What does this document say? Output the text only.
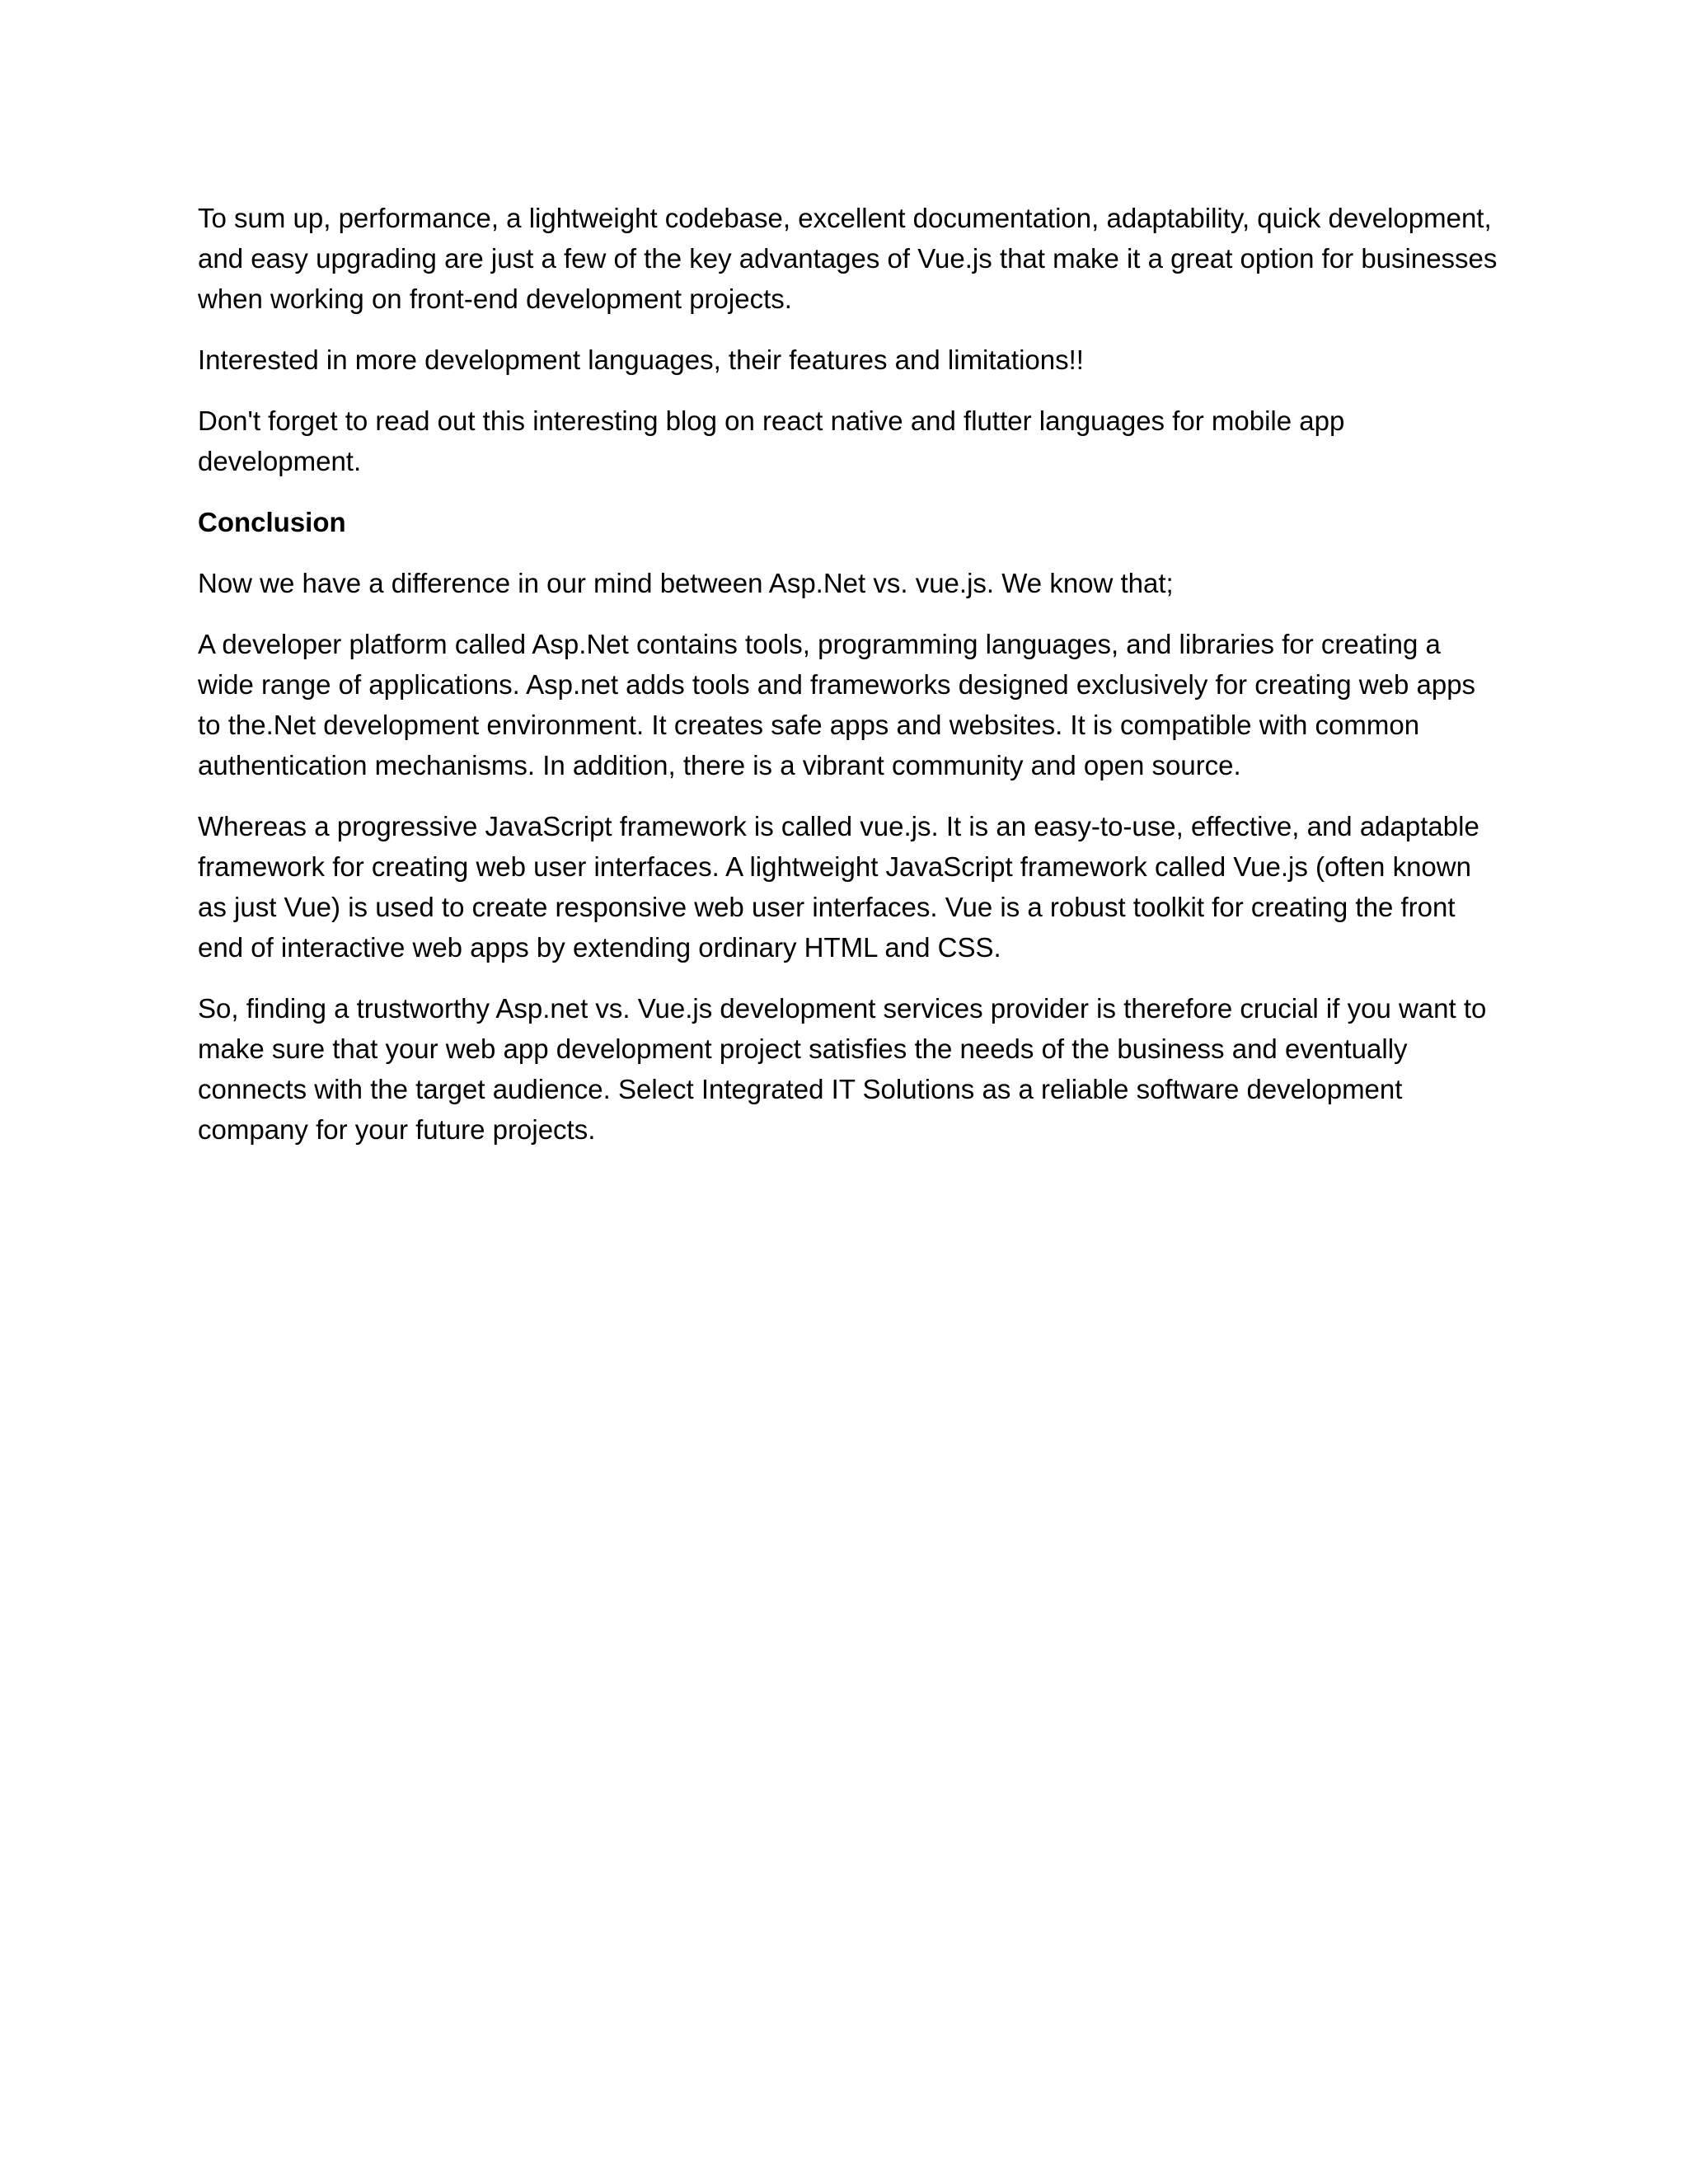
To sum up, performance, a lightweight codebase, excellent documentation, adaptability, quick development, and easy upgrading are just a few of the key advantages of Vue.js that make it a great option for businesses when working on front-end development projects.

Interested in more development languages, their features and limitations!!

Don't forget to read out this interesting blog on react native and flutter languages for mobile app development.

Conclusion

Now we have a difference in our mind between Asp.Net vs. vue.js. We know that;

A developer platform called Asp.Net contains tools, programming languages, and libraries for creating a wide range of applications. Asp.net adds tools and frameworks designed exclusively for creating web apps to the.Net development environment. It creates safe apps and websites. It is compatible with common authentication mechanisms. In addition, there is a vibrant community and open source.

Whereas a progressive JavaScript framework is called vue.js. It is an easy-to-use, effective, and adaptable framework for creating web user interfaces. A lightweight JavaScript framework called Vue.js (often known as just Vue) is used to create responsive web user interfaces. Vue is a robust toolkit for creating the front end of interactive web apps by extending ordinary HTML and CSS.

So, finding a trustworthy Asp.net vs. Vue.js development services provider is therefore crucial if you want to make sure that your web app development project satisfies the needs of the business and eventually connects with the target audience. Select Integrated IT Solutions as a reliable software development company for your future projects.
